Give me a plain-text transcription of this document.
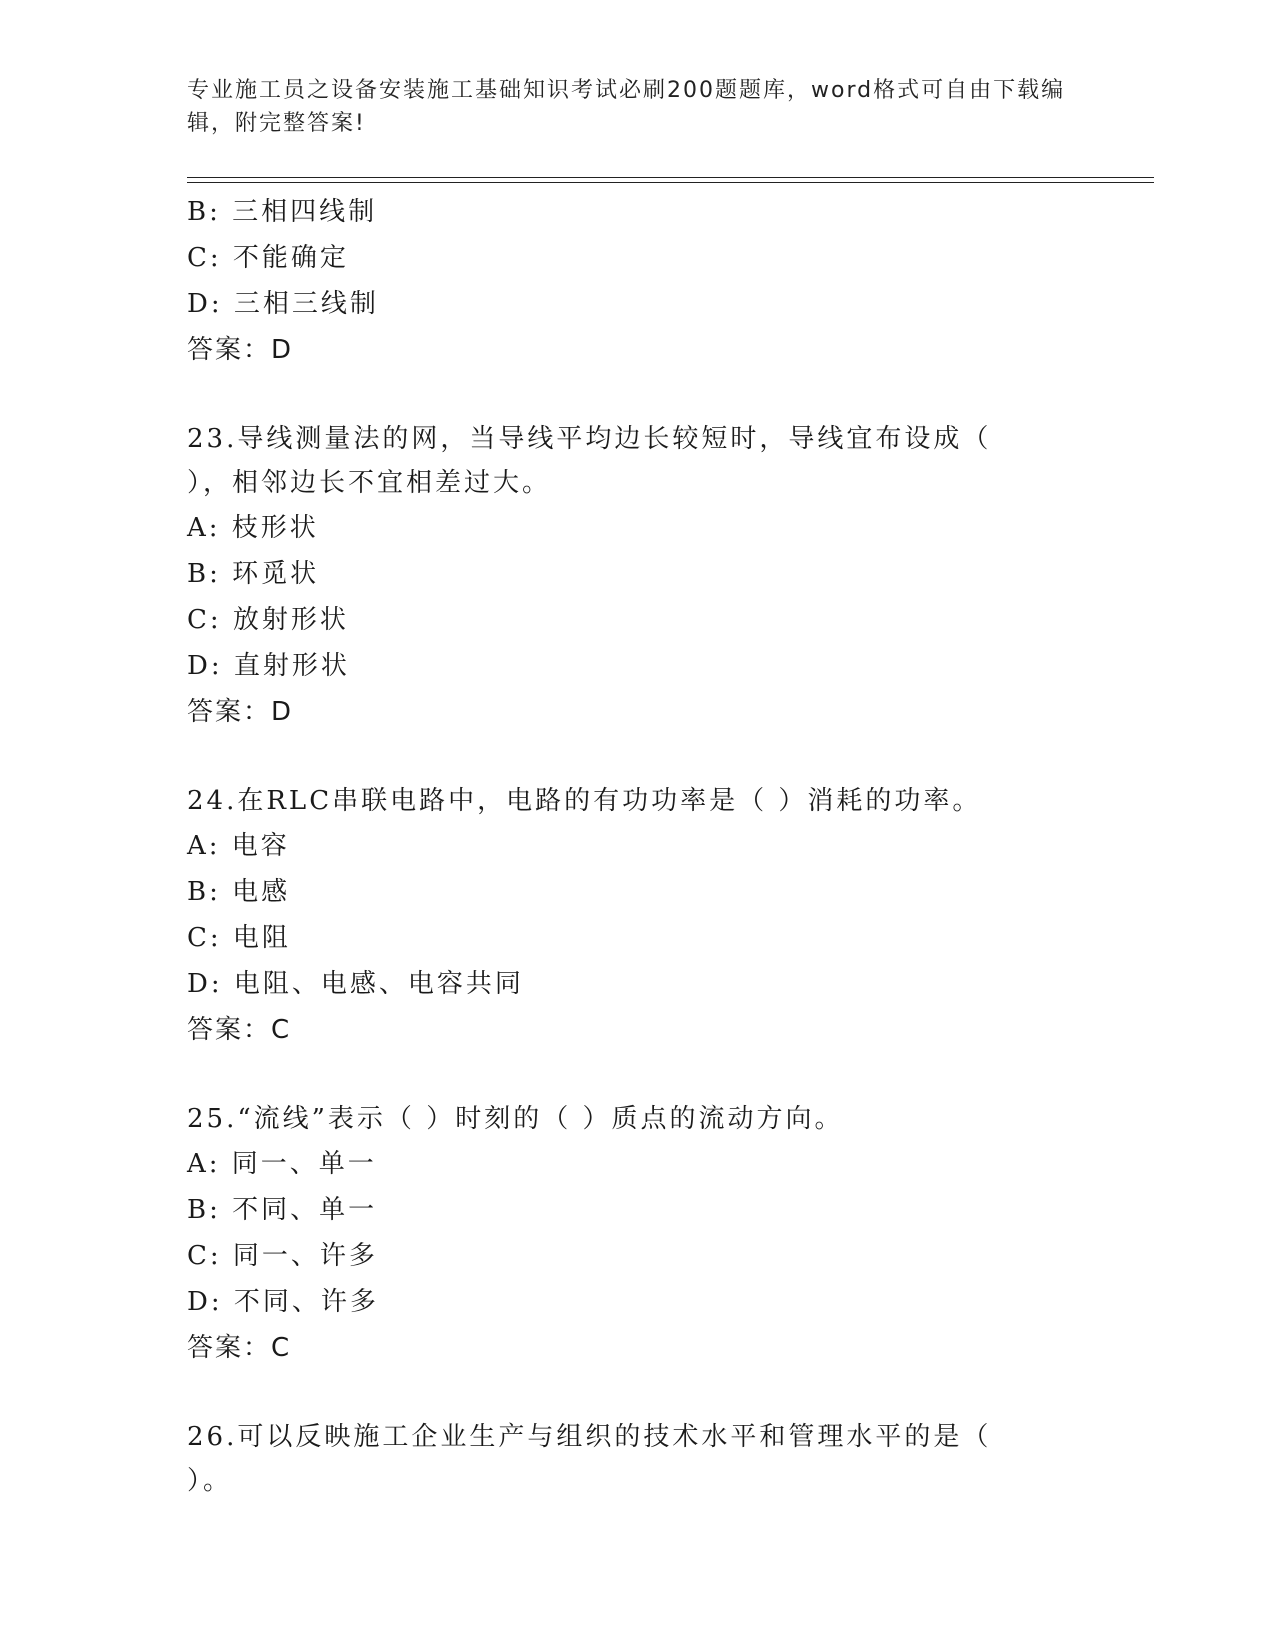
专业施工员之设备安装施工基础知识考试必刷200题题库，word格式可自由下载编辑，附完整答案!
B: 三相四线制
C: 不能确定
D: 三相三线制
答案：D
23.导线测量法的网，当导线平均边长较短时，导线宜布设成（ ），相邻边长不宜相差过大。
A: 枝形状
B: 环觅状
C: 放射形状
D: 直射形状
答案：D
24.在RLC串联电路中，电路的有功功率是（ ）消耗的功率。
A: 电容
B: 电感
C: 电阻
D: 电阻、电感、电容共同
答案：C
25.“流线”表示（ ）时刻的（ ）质点的流动方向。
A: 同一、单一
B: 不同、单一
C: 同一、许多
D: 不同、许多
答案：C
26.可以反映施工企业生产与组织的技术水平和管理水平的是（ ）。
